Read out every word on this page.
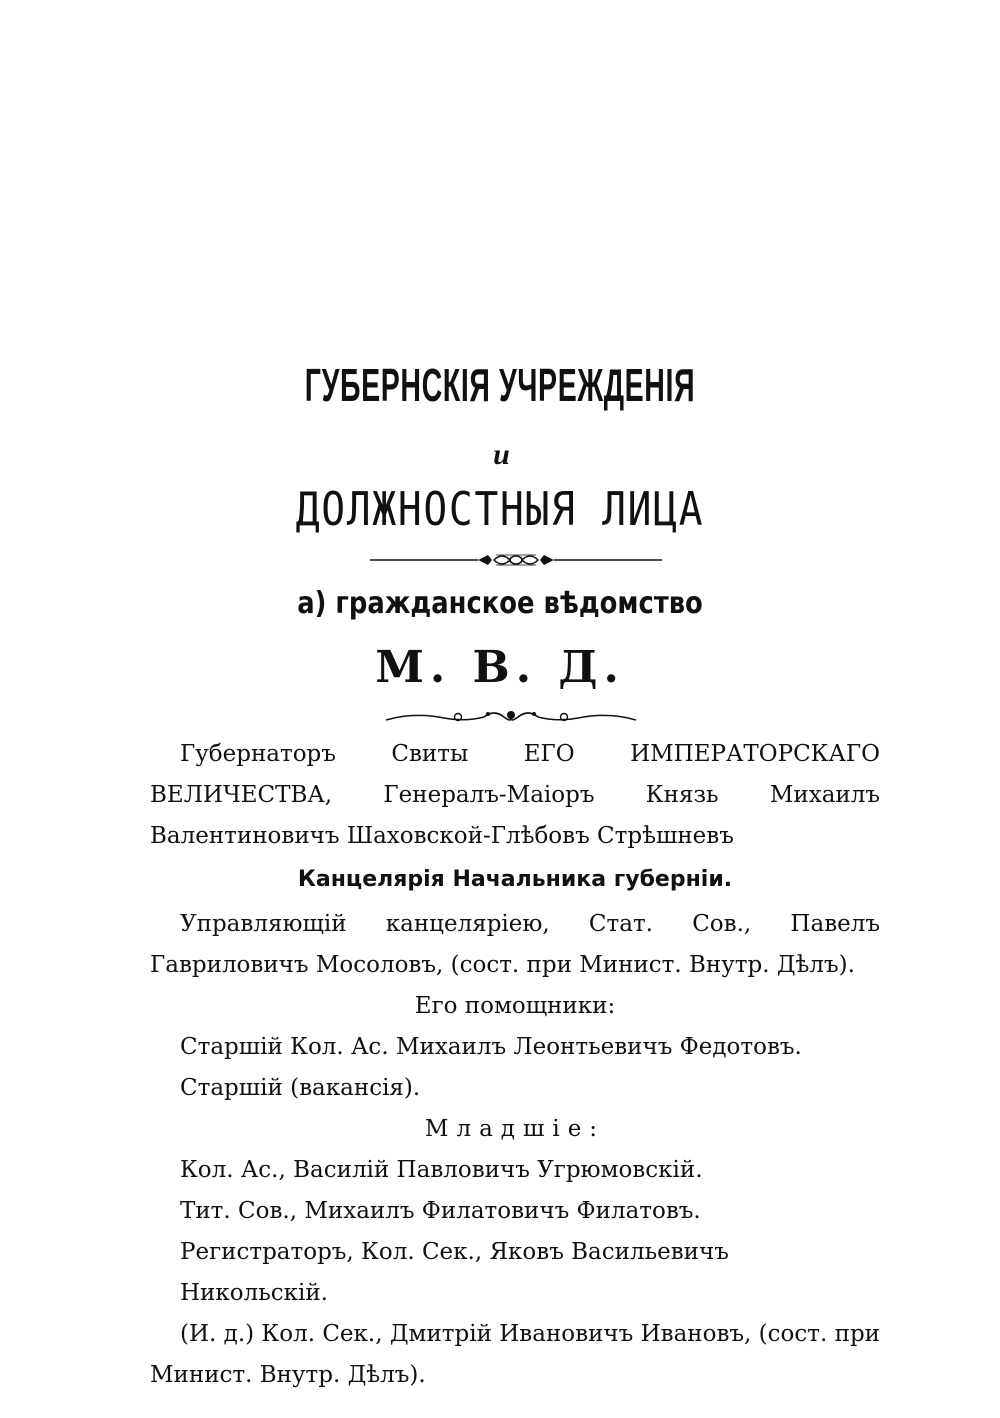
ГУБЕРНСКІЯ УЧРЕЖДЕНІЯ
и
ДОЛЖНОСТНЫЯ ЛИЦА
а) гражданское вѣдомство
М. В. Д.

Губернаторъ Свиты ЕГО ИМПЕРАТОРСКАГО ВЕЛИЧЕСТВА, Генералъ-Маіоръ Князь Михаилъ Валентиновичъ Шаховской-Глѣбовъ Стрѣшневъ

Канцелярія Начальника губерніи.

Управляющій канцеляріею, Стат. Сов., Павелъ Гавриловичъ Мосоловъ, (сост. при Минист. Внутр. Дѣлъ).

Его помощники:

Старшій Кол. Ас. Михаилъ Леонтьевичъ Федотовъ.

Старшій (вакансія).

Младшіе:

Кол. Ас., Василій Павловичъ Угрюмовскій.

Тит. Сов., Михаилъ Филатовичъ Филатовъ.

Регистраторъ, Кол. Сек., Яковъ Васильевичъ Никольскій.

(И. д.) Кол. Сек., Дмитрій Ивановичъ Ивановъ, (сост. при Минист. Внутр. Дѣлъ).
